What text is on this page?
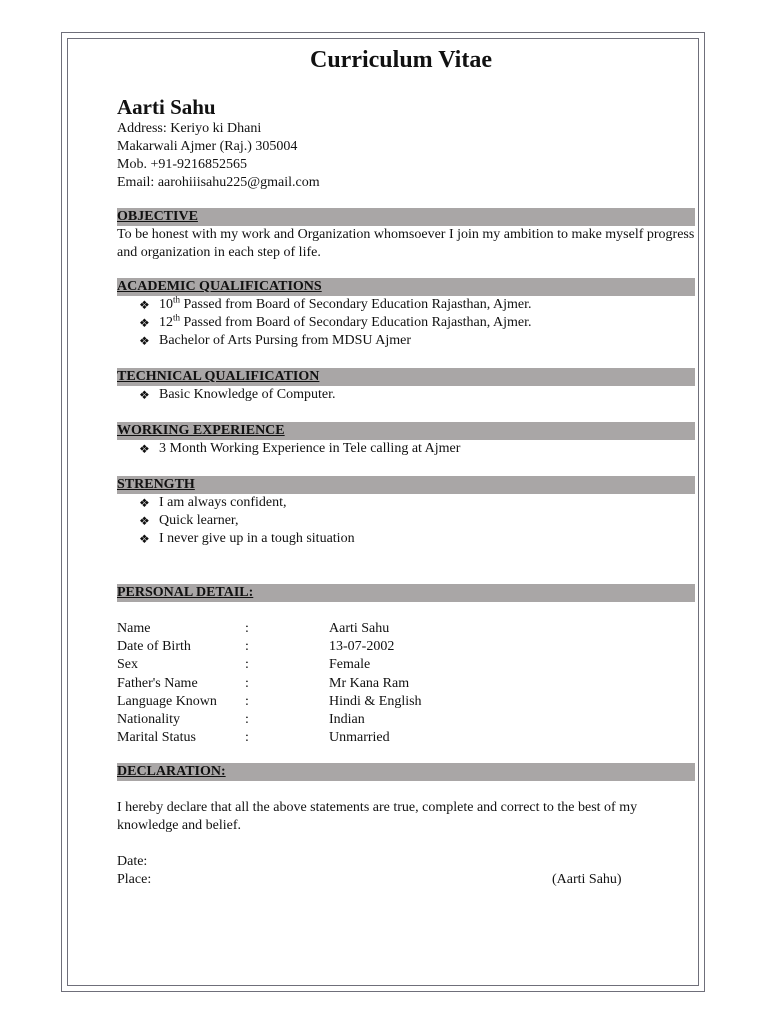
Curriculum Vitae
Aarti Sahu
Address: Keriyo ki Dhani
Makarwali Ajmer (Raj.) 305004
Mob. +91-9216852565
Email: aarohiiisahu225@gmail.com
OBJECTIVE
To be honest with my work and Organization whomsoever I join my ambition to make myself progress and organization in each step of life.
ACADEMIC QUALIFICATIONS
❖ 10th Passed from Board of Secondary Education Rajasthan, Ajmer.
❖ 12th Passed from Board of Secondary Education Rajasthan, Ajmer.
❖ Bachelor of Arts Pursing from MDSU Ajmer
TECHNICAL QUALIFICATION
❖ Basic Knowledge of Computer.
WORKING EXPERIENCE
❖ 3 Month Working Experience in Tele calling at Ajmer
STRENGTH
❖ I am always confident,
❖ Quick learner,
❖ I never give up in a tough situation
PERSONAL DETAIL:
Name	:	Aarti Sahu
Date of Birth	:	13-07-2002
Sex	:	Female
Father's Name	:	Mr Kana Ram
Language Known	:	Hindi & English
Nationality	:	Indian
Marital Status	:	Unmarried
DECLARATION:
I hereby declare that all the above statements are true, complete and correct to the best of my knowledge and belief.
Date:
Place:	(Aarti Sahu)
